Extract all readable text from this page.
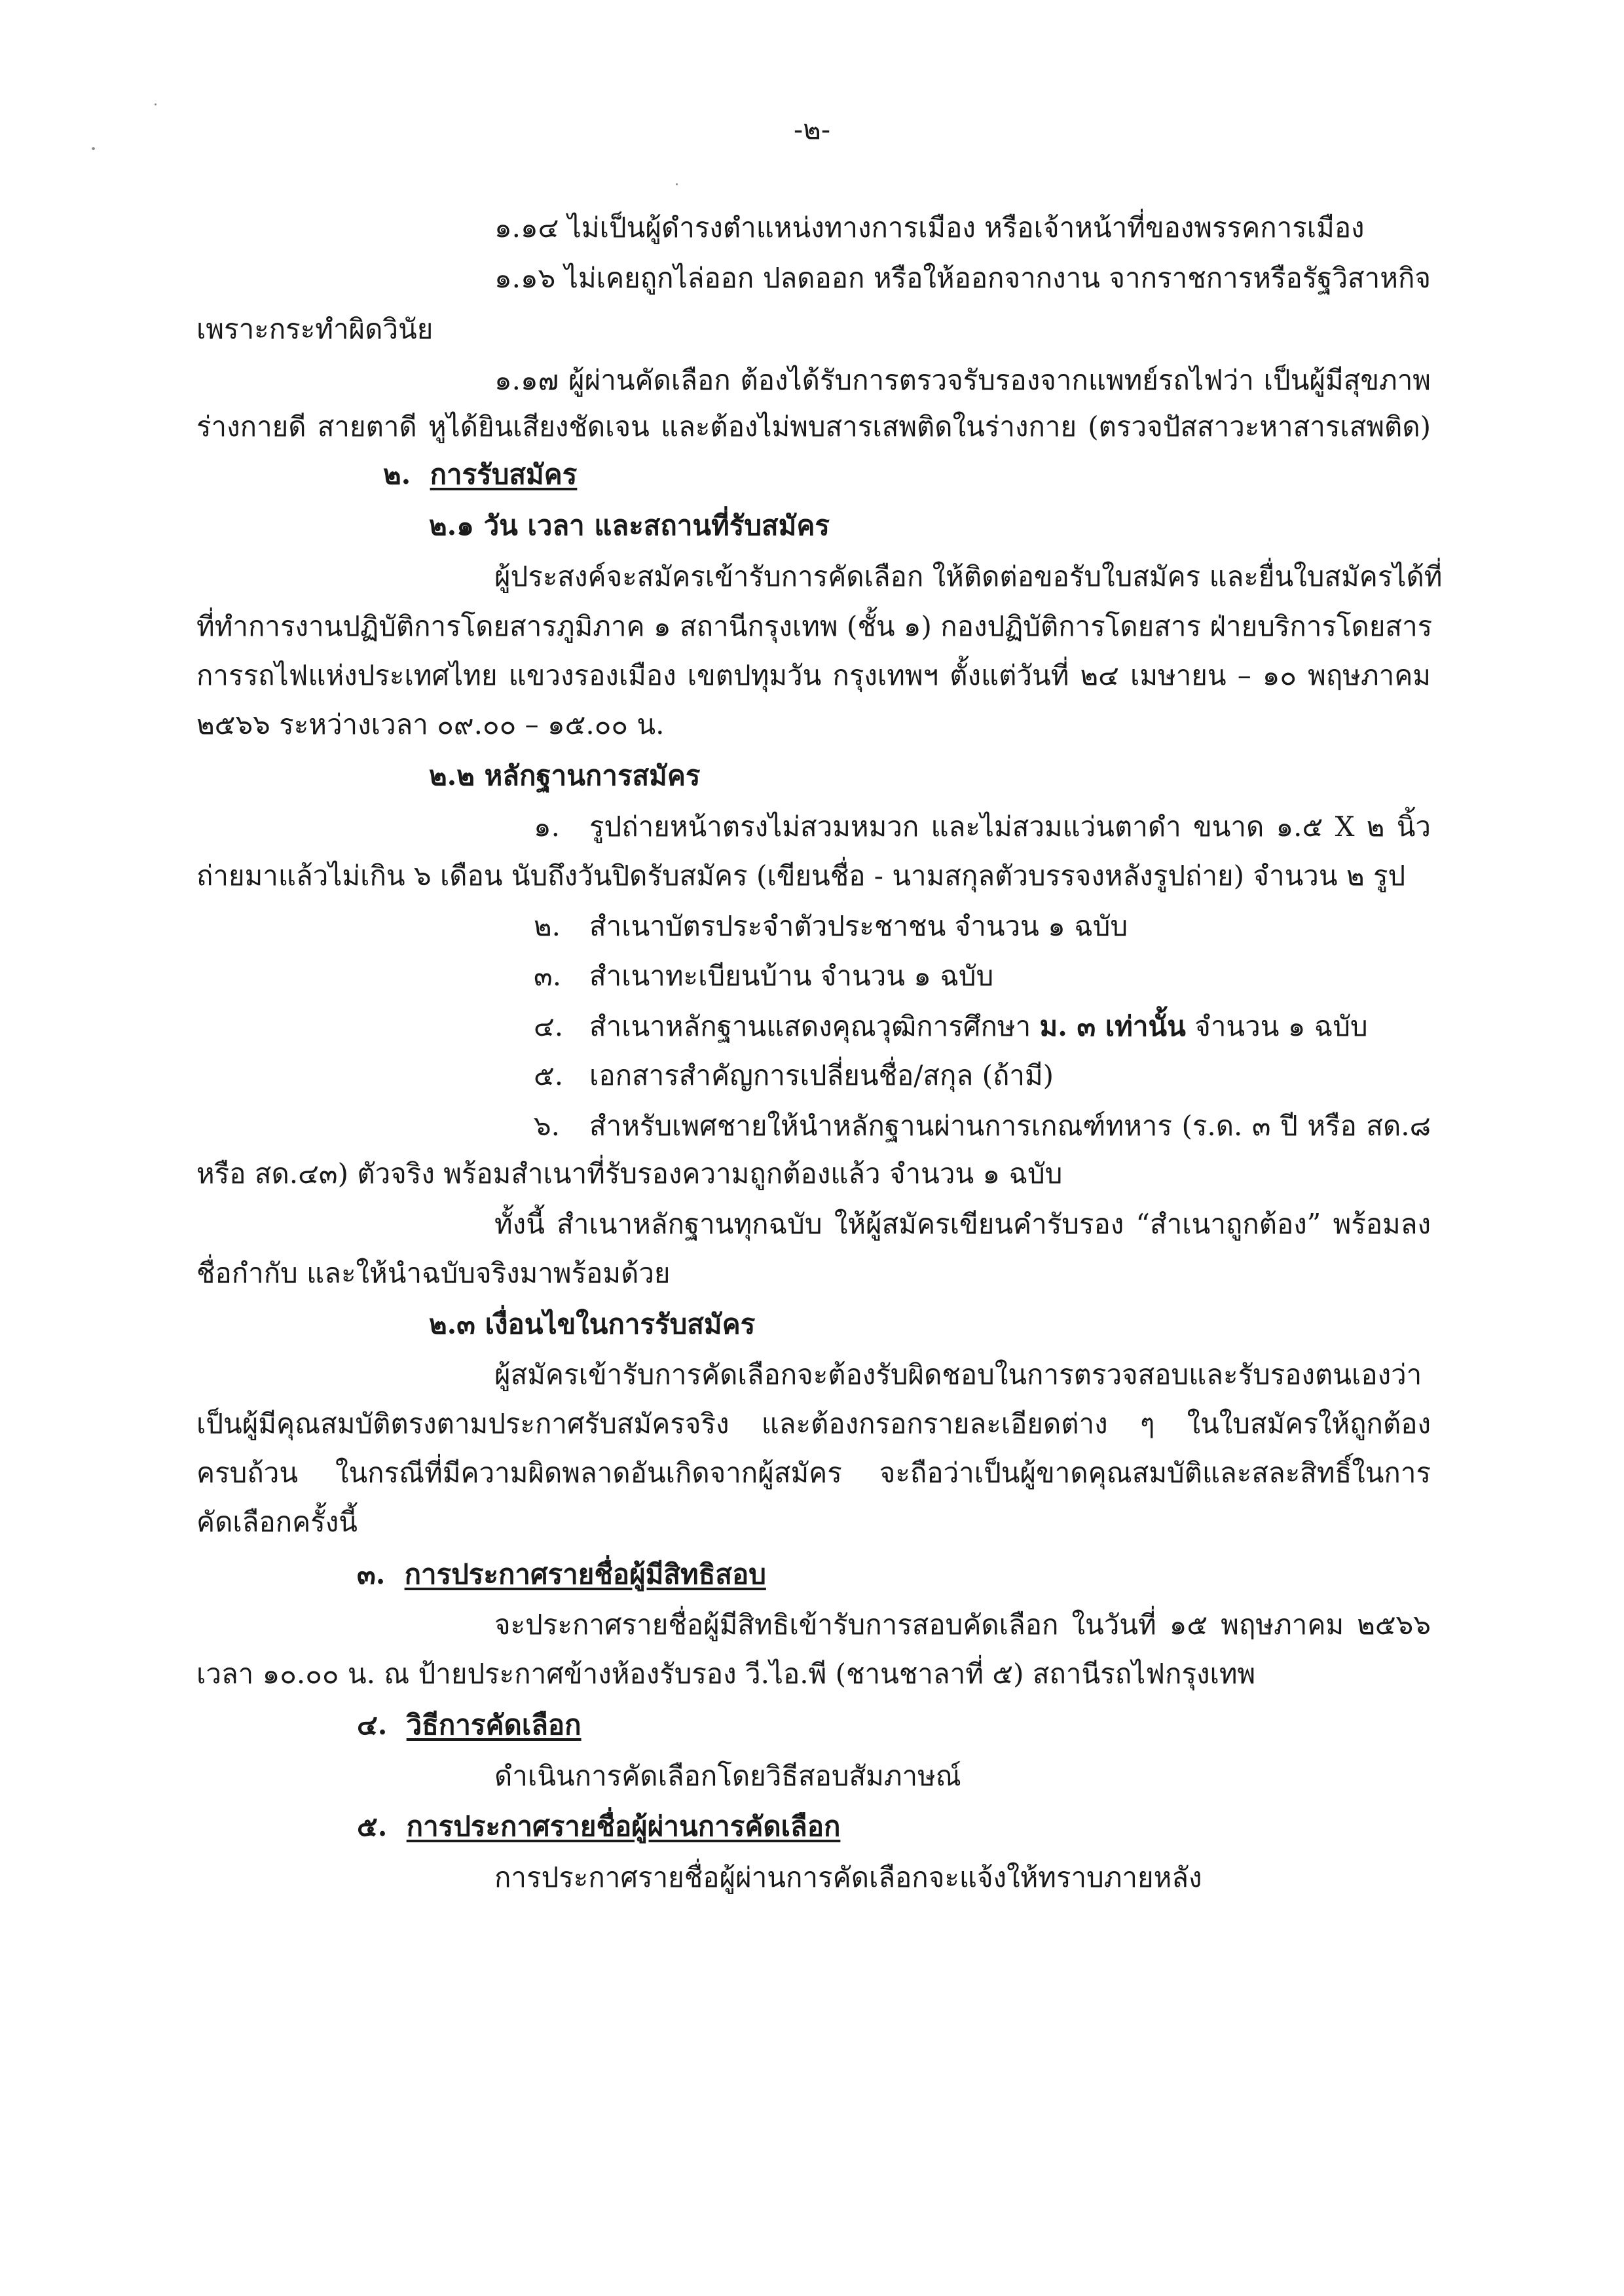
-๒-

๑.๑๔ ไม่เป็นผู้ดำรงตำแหน่งทางการเมือง หรือเจ้าหน้าที่ของพรรคการเมือง

๑.๑๖ ไม่เคยถูกไล่ออก ปลดออก หรือให้ออกจากงาน จากราชการหรือรัฐวิสาหกิจ

เพราะกระทำผิดวินัย

๑.๑๗ ผู้ผ่านคัดเลือก ต้องได้รับการตรวจรับรองจากแพทย์รถไฟว่า เป็นผู้มีสุขภาพ

ร่างกายดี สายตาดี หูได้ยินเสียงชัดเจน และต้องไม่พบสารเสพติดในร่างกาย (ตรวจปัสสาวะหาสารเสพติด)

๒. การรับสมัคร

๒.๑ วัน เวลา และสถานที่รับสมัคร

ผู้ประสงค์จะสมัครเข้ารับการคัดเลือก ให้ติดต่อขอรับใบสมัคร และยื่นใบสมัครได้ที่

ที่ทำการงานปฏิบัติการโดยสารภูมิภาค ๑ สถานีกรุงเทพ (ชั้น ๑) กองปฏิบัติการโดยสาร ฝ่ายบริการโดยสาร

การรถไฟแห่งประเทศไทย แขวงรองเมือง เขตปทุมวัน กรุงเทพฯ ตั้งแต่วันที่ ๒๔ เมษายน – ๑๐ พฤษภาคม

๒๕๖๖ ระหว่างเวลา ๐๙.๐๐ – ๑๕.๐๐ น.

๒.๒ หลักฐานการสมัคร

๑. รูปถ่ายหน้าตรงไม่สวมหมวก และไม่สวมแว่นตาดำ ขนาด ๑.๕ X ๒ นิ้ว

ถ่ายมาแล้วไม่เกิน ๖ เดือน นับถึงวันปิดรับสมัคร (เขียนชื่อ - นามสกุลตัวบรรจงหลังรูปถ่าย) จำนวน ๒ รูป

๒. สำเนาบัตรประจำตัวประชาชน จำนวน ๑ ฉบับ

๓. สำเนาทะเบียนบ้าน จำนวน ๑ ฉบับ

๔. สำเนาหลักฐานแสดงคุณวุฒิการศึกษา ม. ๓ เท่านั้น จำนวน ๑ ฉบับ

๕. เอกสารสำคัญการเปลี่ยนชื่อ/สกุล (ถ้ามี)

๖. สำหรับเพศชายให้นำหลักฐานผ่านการเกณฑ์ทหาร (ร.ด. ๓ ปี หรือ สด.๘

หรือ สด.๔๓) ตัวจริง พร้อมสำเนาที่รับรองความถูกต้องแล้ว จำนวน ๑ ฉบับ

ทั้งนี้ สำเนาหลักฐานทุกฉบับ ให้ผู้สมัครเขียนคำรับรอง “สำเนาถูกต้อง” พร้อมลง

ชื่อกำกับ และให้นำฉบับจริงมาพร้อมด้วย

๒.๓ เงื่อนไขในการรับสมัคร

ผู้สมัครเข้ารับการคัดเลือกจะต้องรับผิดชอบในการตรวจสอบและรับรองตนเองว่า

เป็นผู้มีคุณสมบัติตรงตามประกาศรับสมัครจริง และต้องกรอกรายละเอียดต่าง ๆ ในใบสมัครให้ถูกต้อง

ครบถ้วน ในกรณีที่มีความผิดพลาดอันเกิดจากผู้สมัคร จะถือว่าเป็นผู้ขาดคุณสมบัติและสละสิทธิ์ในการ

คัดเลือกครั้งนี้

๓. การประกาศรายชื่อผู้มีสิทธิสอบ

จะประกาศรายชื่อผู้มีสิทธิเข้ารับการสอบคัดเลือก ในวันที่ ๑๕ พฤษภาคม ๒๕๖๖

เวลา ๑๐.๐๐ น. ณ ป้ายประกาศข้างห้องรับรอง วี.ไอ.พี (ชานชาลาที่ ๕) สถานีรถไฟกรุงเทพ

๔. วิธีการคัดเลือก

ดำเนินการคัดเลือกโดยวิธีสอบสัมภาษณ์

๕. การประกาศรายชื่อผู้ผ่านการคัดเลือก

การประกาศรายชื่อผู้ผ่านการคัดเลือกจะแจ้งให้ทราบภายหลัง
